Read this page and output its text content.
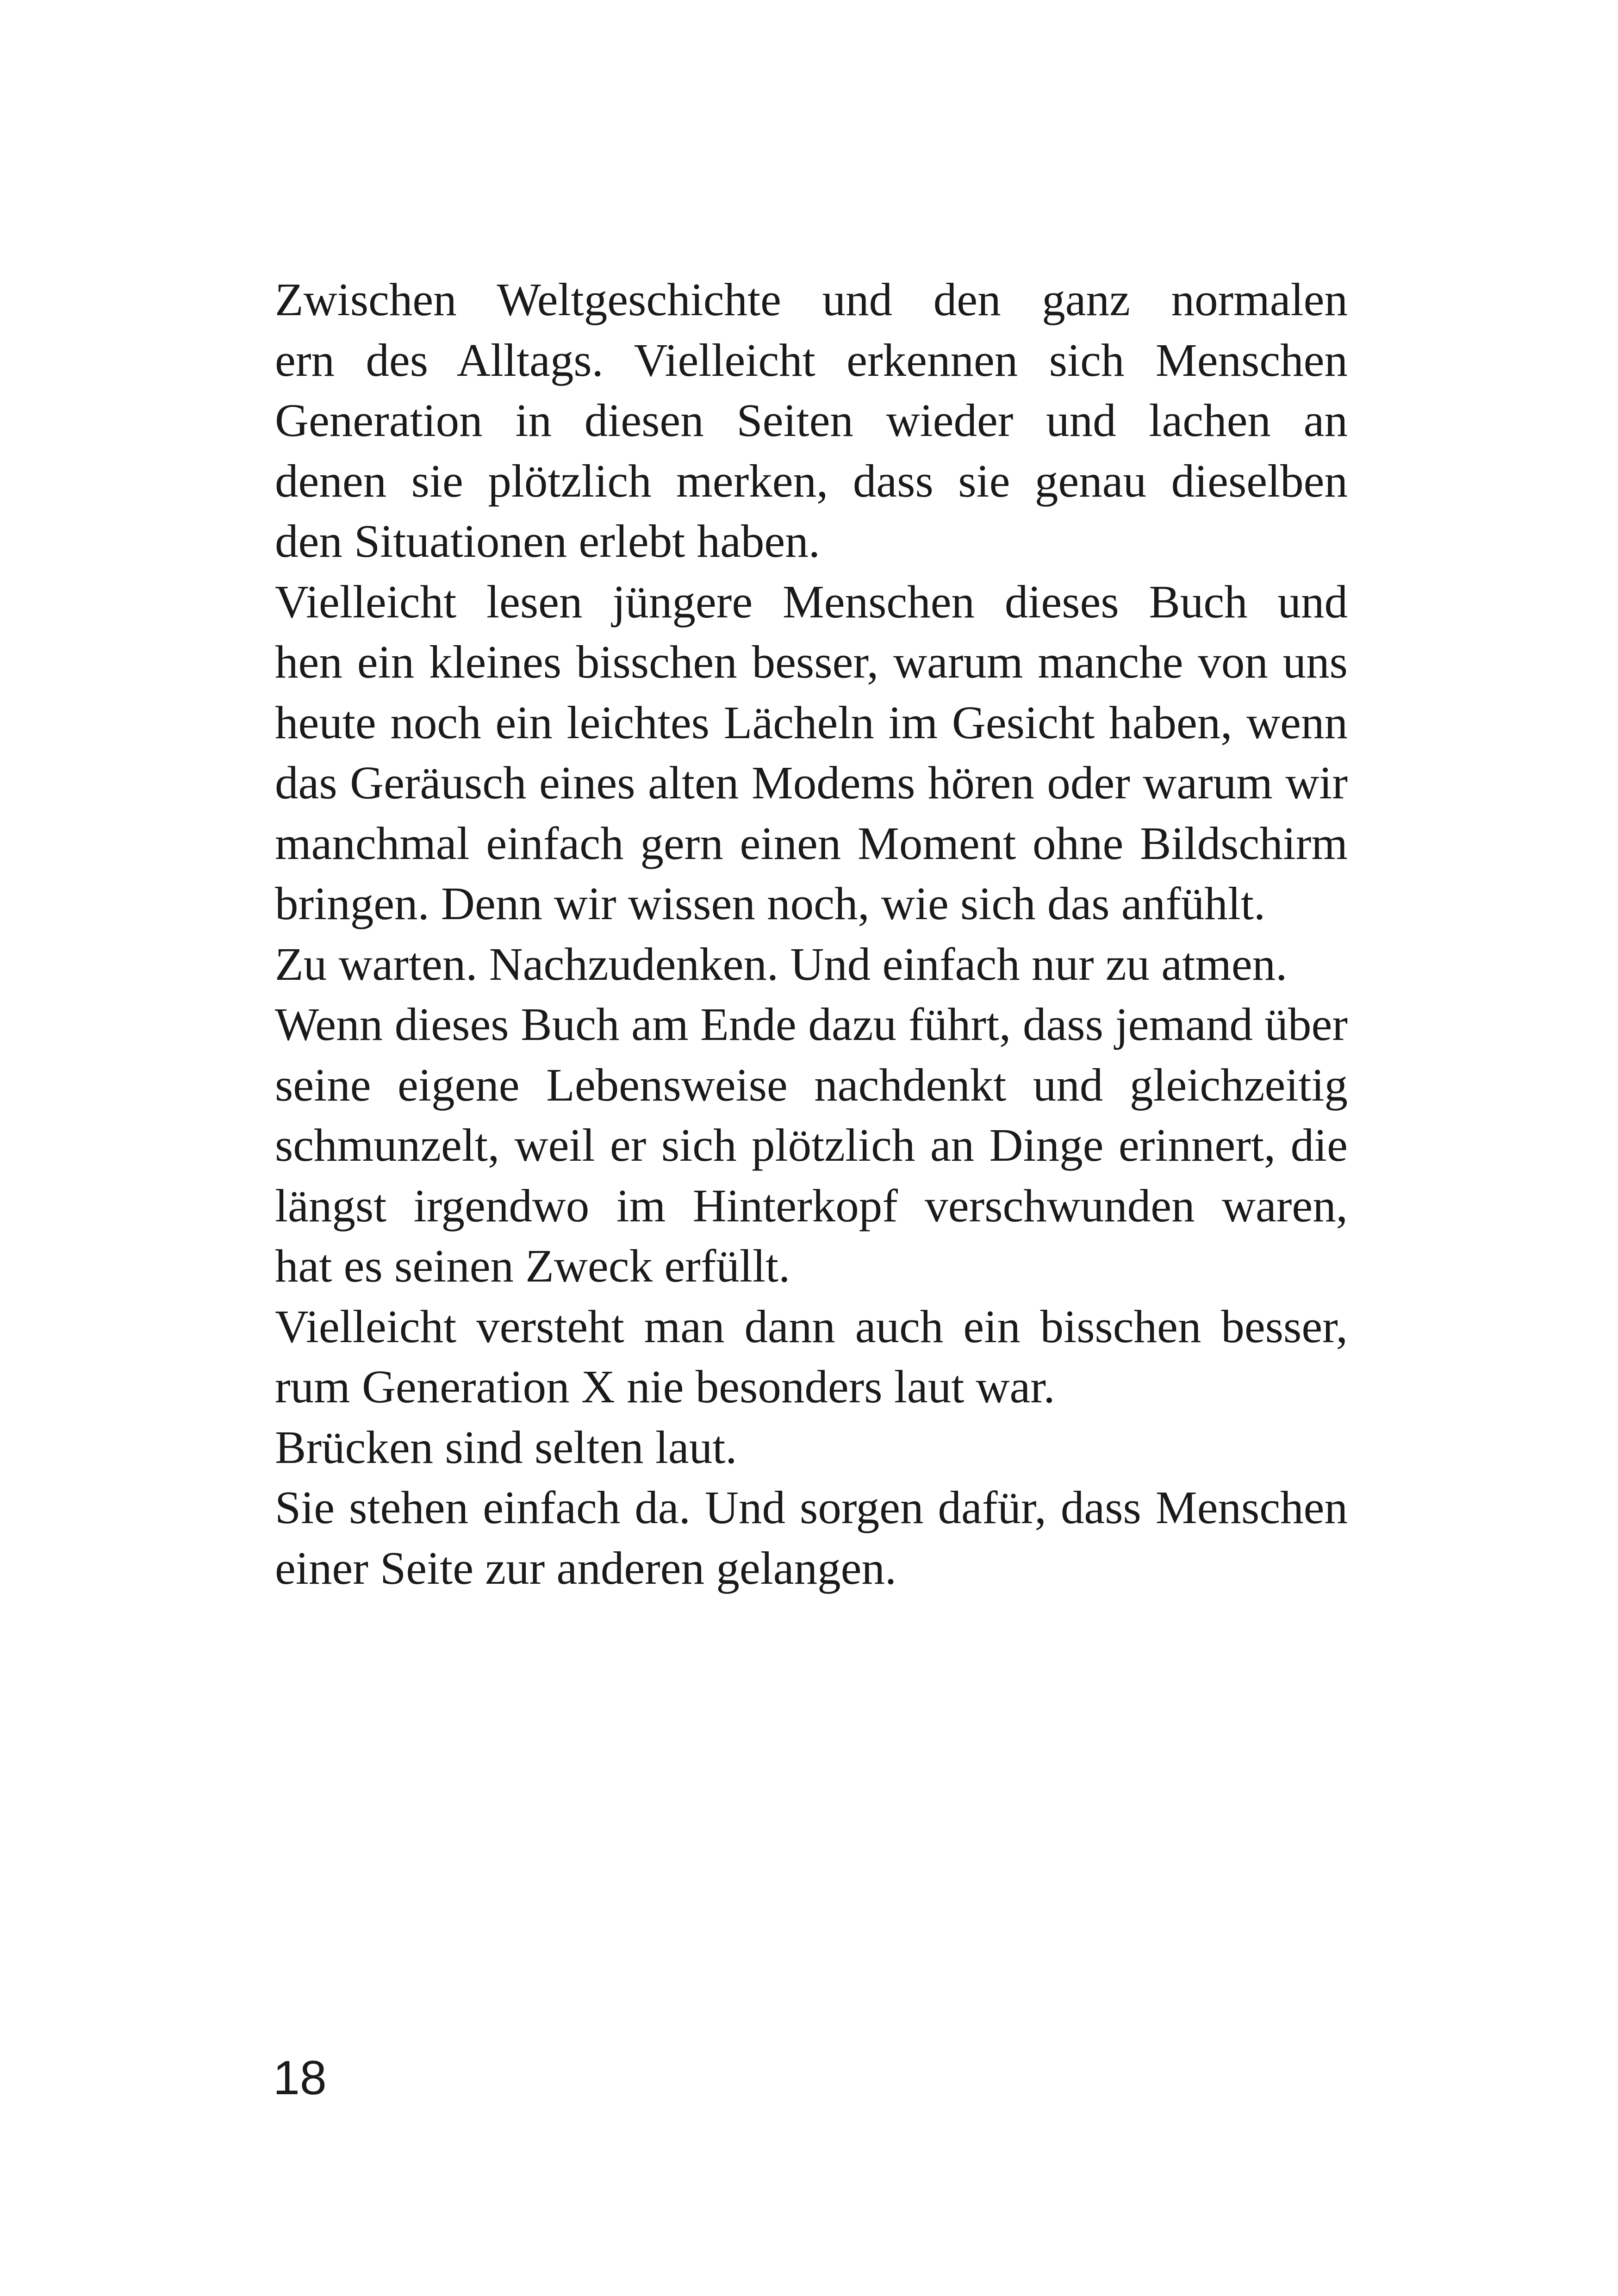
Zwischen Weltgeschichte und den ganz normalen
ern des Alltags. Vielleicht erkennen sich Menschen
Generation in diesen Seiten wieder und lachen an
denen sie plötzlich merken, dass sie genau dieselben
den Situationen erlebt haben.
Vielleicht lesen jüngere Menschen dieses Buch und
hen ein kleines bisschen besser, warum manche von uns
heute noch ein leichtes Lächeln im Gesicht haben, wenn
das Geräusch eines alten Modems hören oder warum wir
manchmal einfach gern einen Moment ohne Bildschirm
bringen. Denn wir wissen noch, wie sich das anfühlt.
Zu warten. Nachzudenken. Und einfach nur zu atmen.
Wenn dieses Buch am Ende dazu führt, dass jemand über
seine eigene Lebensweise nachdenkt und gleichzeitig
schmunzelt, weil er sich plötzlich an Dinge erinnert, die
längst irgendwo im Hinterkopf verschwunden waren,
hat es seinen Zweck erfüllt.
Vielleicht versteht man dann auch ein bisschen besser,
rum Generation X nie besonders laut war.
Brücken sind selten laut.
Sie stehen einfach da. Und sorgen dafür, dass Menschen
einer Seite zur anderen gelangen.
18
